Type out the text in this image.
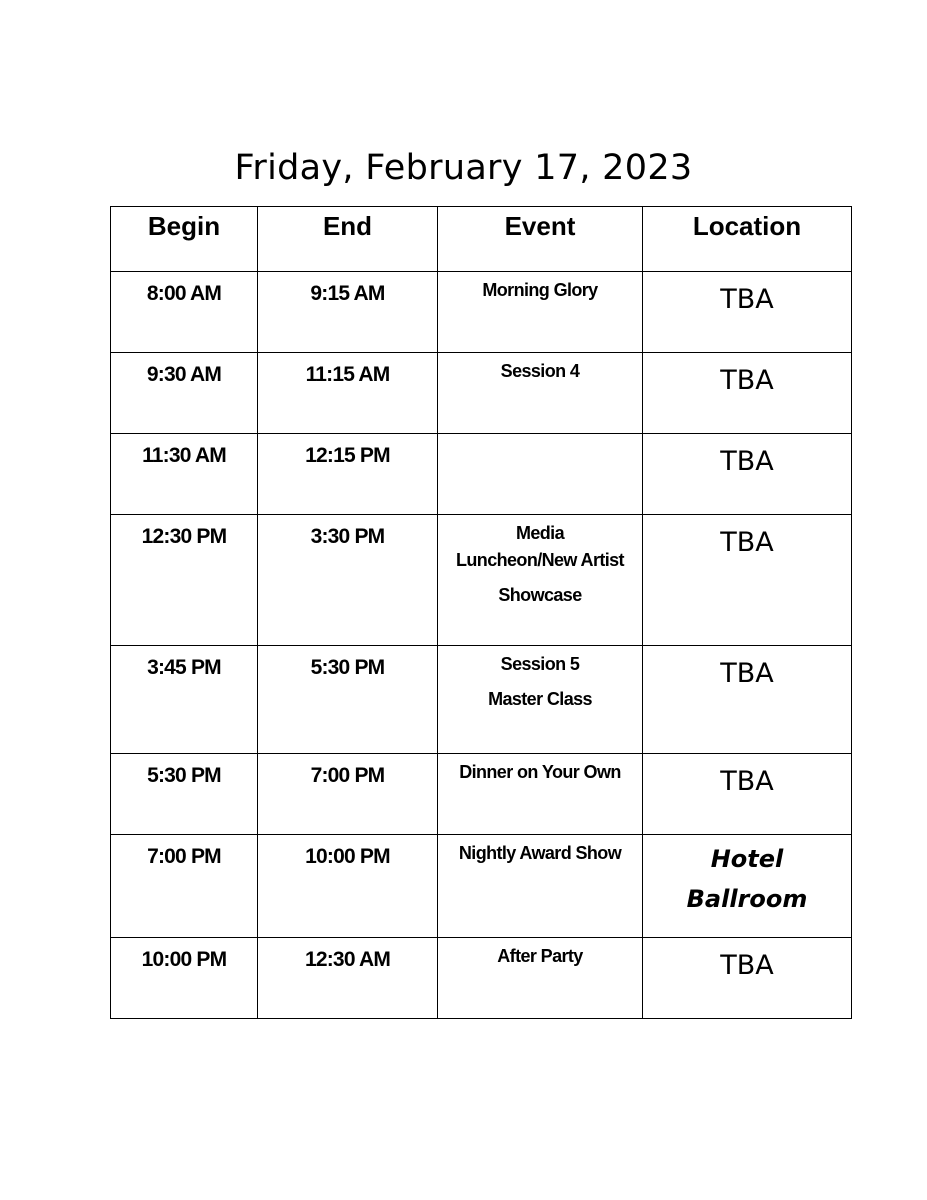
Friday, February 17, 2023
Begin	End	Event	Location
8:00 AM	9:15 AM	Morning Glory	TBA
9:30 AM	11:15 AM	Session 4	TBA
11:30 AM	12:15 PM		TBA
12:30 PM	3:30 PM	Media
Luncheon/New Artist
Showcase	TBA
3:45 PM	5:30 PM	Session 5
Master Class	TBA
5:30 PM	7:00 PM	Dinner on Your Own	TBA
7:00 PM	10:00 PM	Nightly Award Show	Hotel
Ballroom

10:00 PM	12:30 AM	After Party	TBA
